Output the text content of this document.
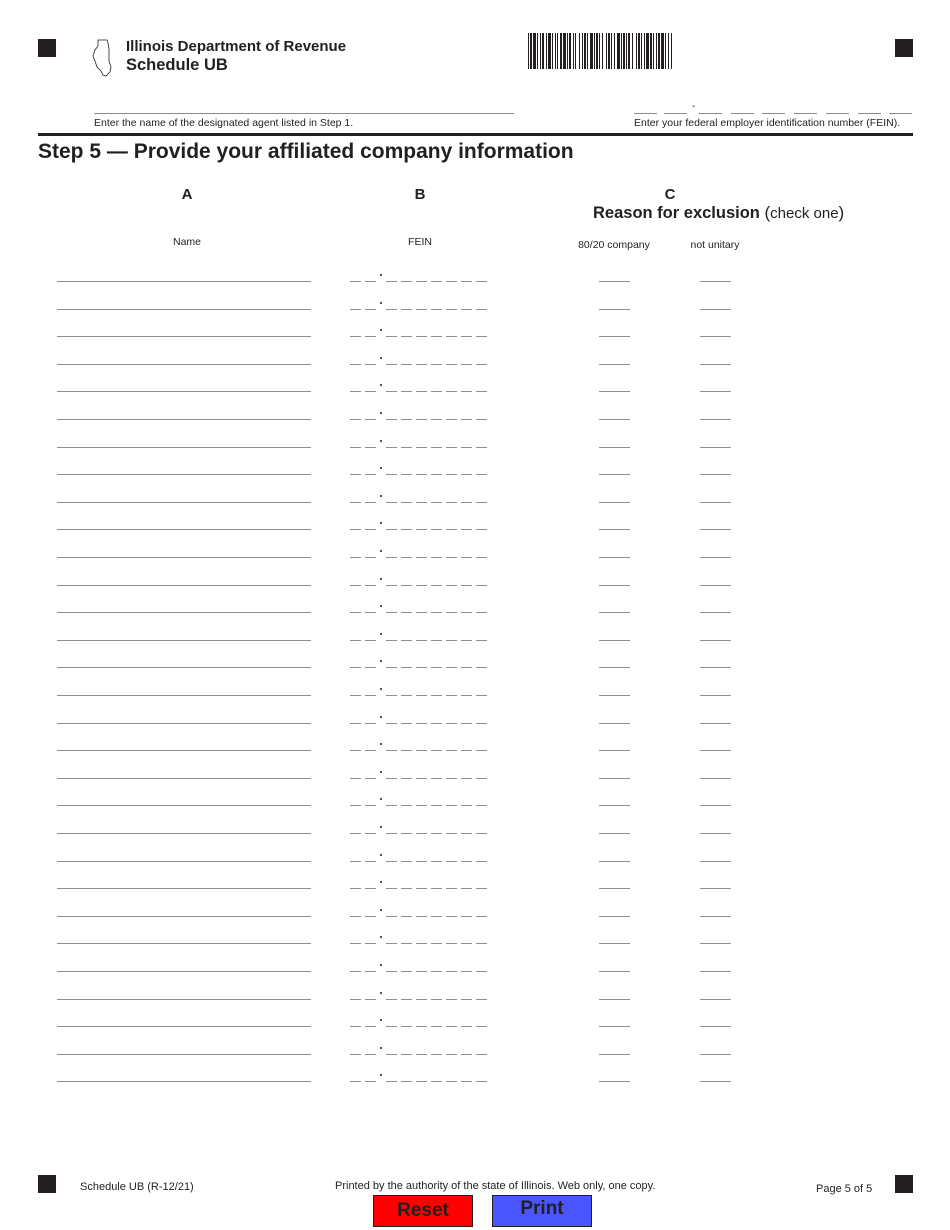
Illinois Department of Revenue
Schedule UB
Enter the name of the designated agent listed in Step 1.
-
Enter your federal employer identification number (FEIN).
Step 5 — Provide your affiliated company information
A	B	C
Reason for exclusion (check one)
Name	FEIN	80/20 company	not unitary
Schedule UB (R-12/21)	Printed by the authority of the state of Illinois. Web only, one copy.	Page 5 of 5
Reset	Print
